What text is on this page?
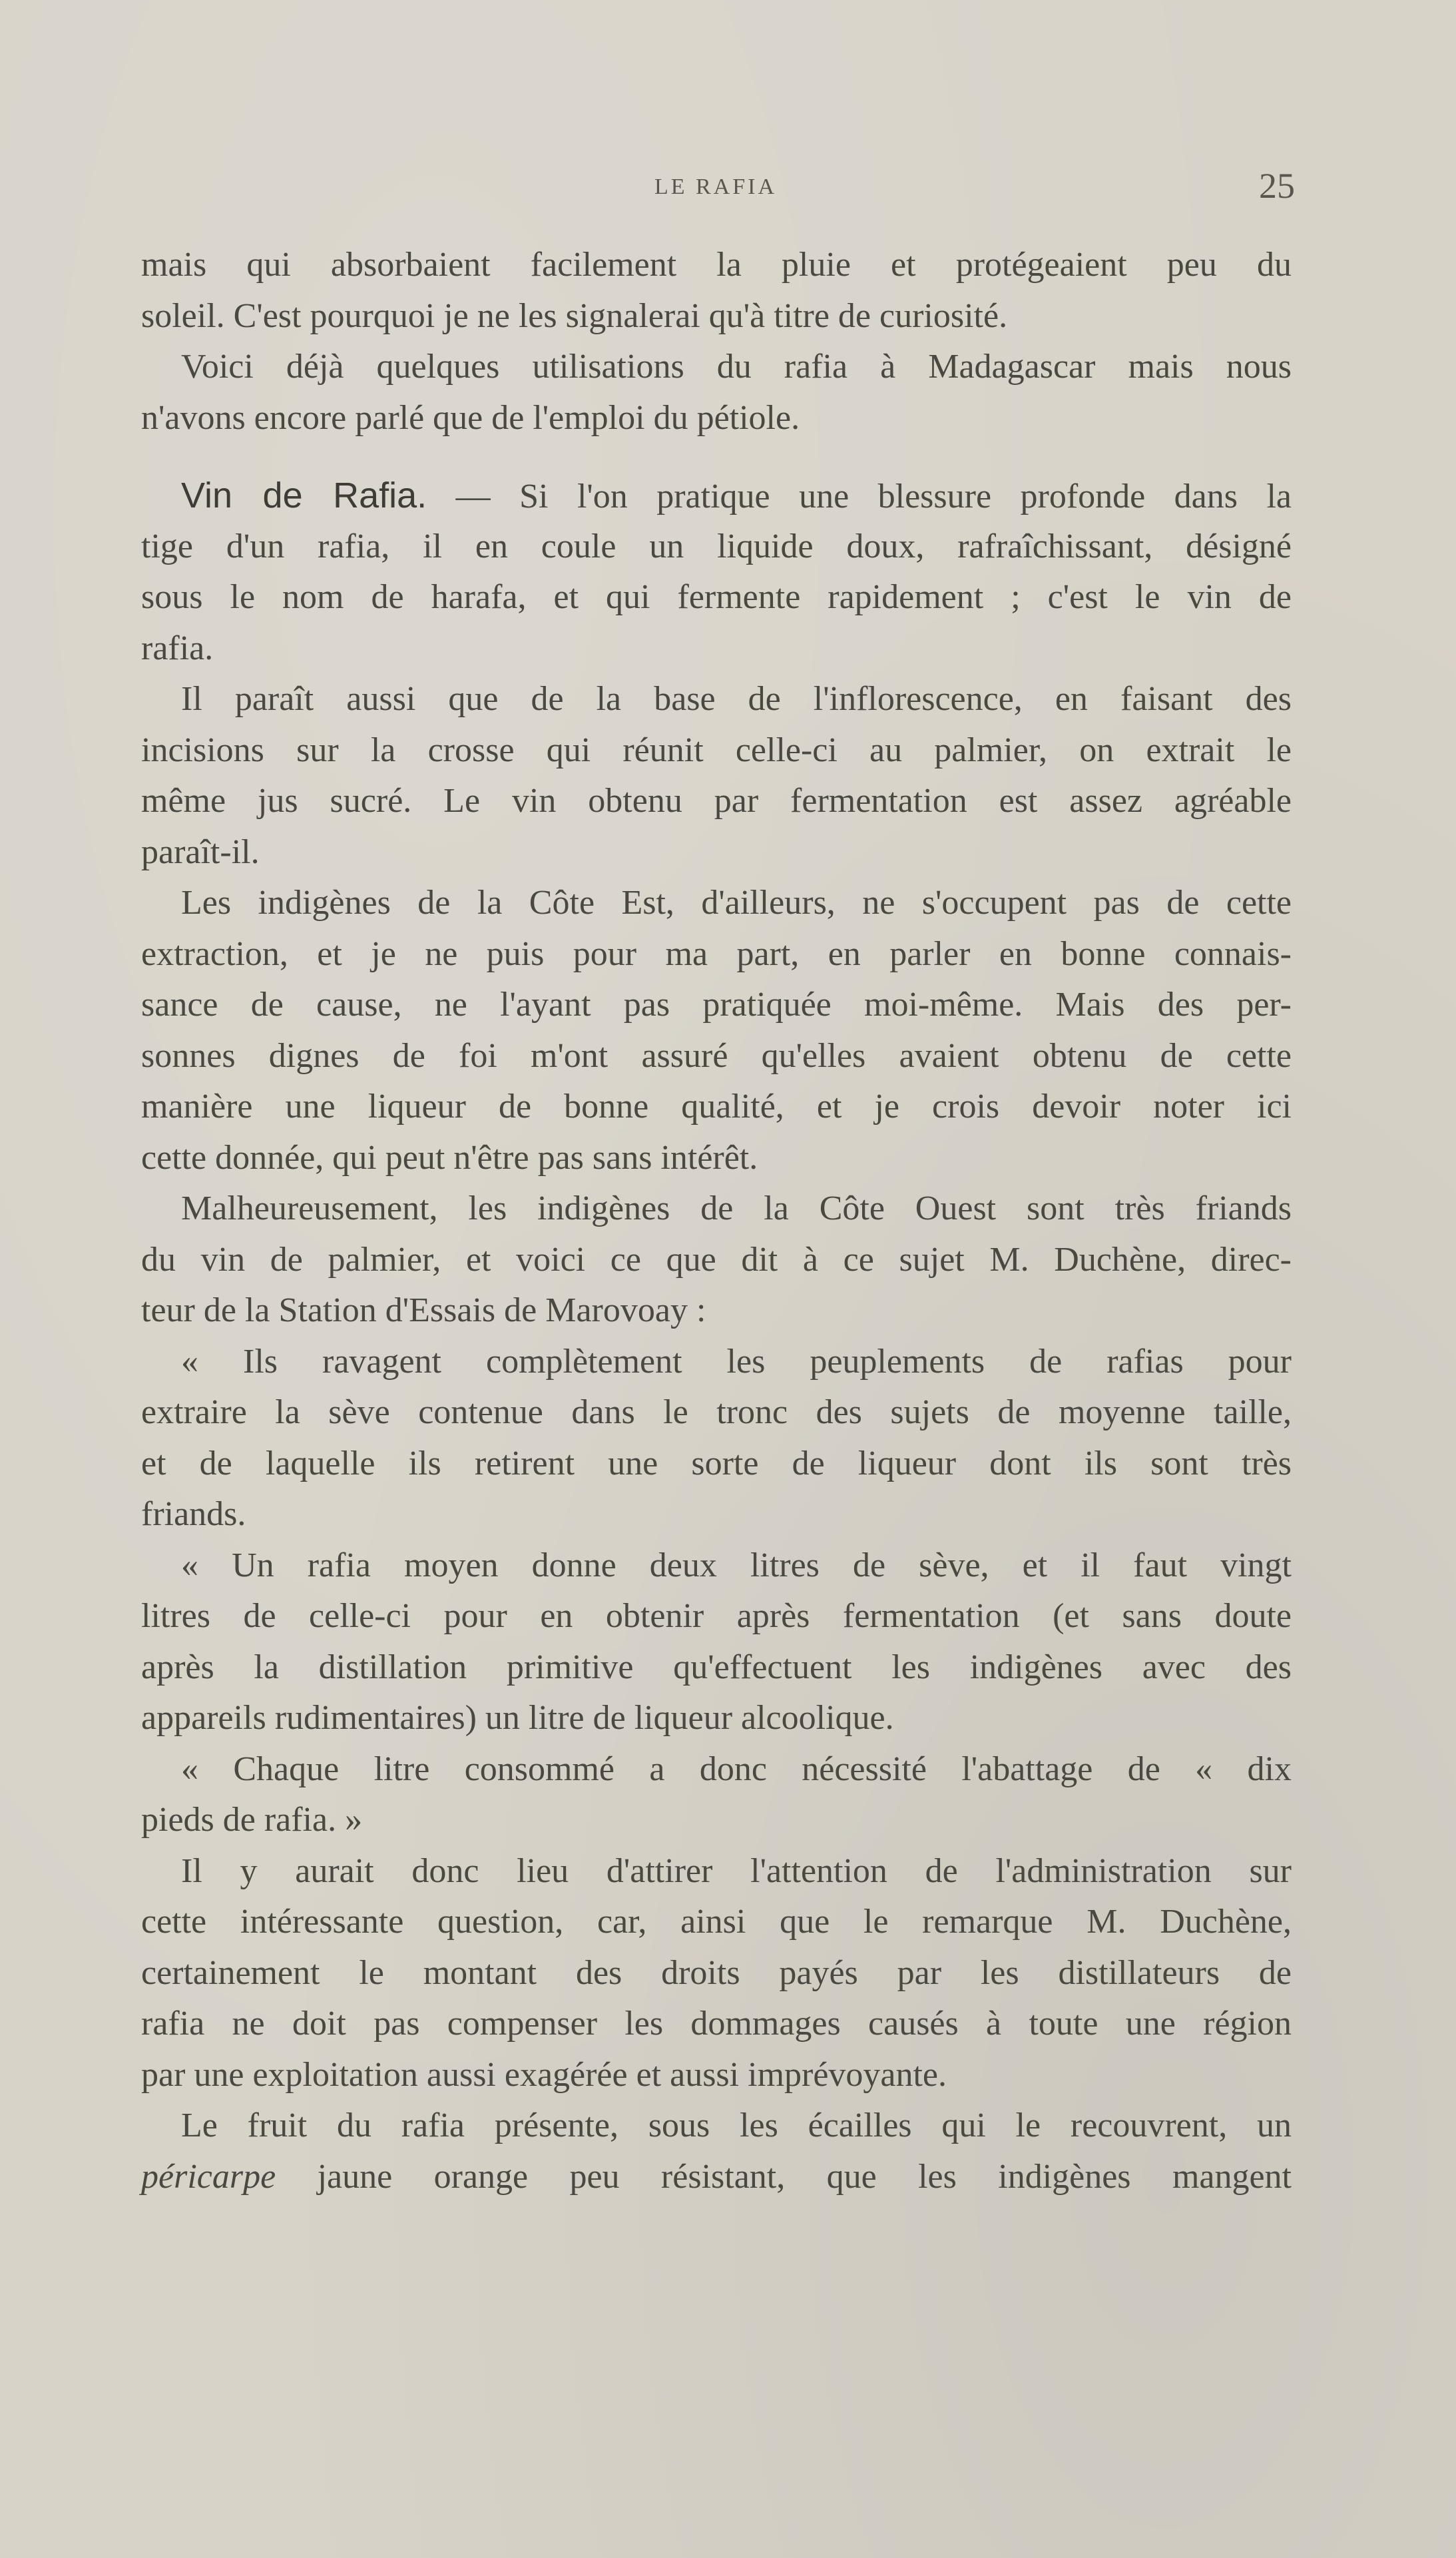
LE RAFIA	25
mais qui absorbaient facilement la pluie et protégeaient peu du
soleil. C'est pourquoi je ne les signalerai qu'à titre de curiosité.
Voici déjà quelques utilisations du rafia à Madagascar mais nous
n'avons encore parlé que de l'emploi du pétiole.
Vin de Rafia. — Si l'on pratique une blessure profonde dans la
tige d'un rafia, il en coule un liquide doux, rafraîchissant, désigné
sous le nom de harafa, et qui fermente rapidement ; c'est le vin de
rafia.
Il paraît aussi que de la base de l'inflorescence, en faisant des
incisions sur la crosse qui réunit celle-ci au palmier, on extrait le
même jus sucré. Le vin obtenu par fermentation est assez agréable
paraît-il.
Les indigènes de la Côte Est, d'ailleurs, ne s'occupent pas de cette
extraction, et je ne puis pour ma part, en parler en bonne connais-
sance de cause, ne l'ayant pas pratiquée moi-même. Mais des per-
sonnes dignes de foi m'ont assuré qu'elles avaient obtenu de cette
manière une liqueur de bonne qualité, et je crois devoir noter ici
cette donnée, qui peut n'être pas sans intérêt.
Malheureusement, les indigènes de la Côte Ouest sont très friands
du vin de palmier, et voici ce que dit à ce sujet M. Duchène, direc-
teur de la Station d'Essais de Marovoay :
« Ils ravagent complètement les peuplements de rafias pour
extraire la sève contenue dans le tronc des sujets de moyenne taille,
et de laquelle ils retirent une sorte de liqueur dont ils sont très
friands.
« Un rafia moyen donne deux litres de sève, et il faut vingt
litres de celle-ci pour en obtenir après fermentation (et sans doute
après la distillation primitive qu'effectuent les indigènes avec des
appareils rudimentaires) un litre de liqueur alcoolique.
« Chaque litre consommé a donc nécessité l'abattage de « dix
pieds de rafia. »
Il y aurait donc lieu d'attirer l'attention de l'administration sur
cette intéressante question, car, ainsi que le remarque M. Duchène,
certainement le montant des droits payés par les distillateurs de
rafia ne doit pas compenser les dommages causés à toute une région
par une exploitation aussi exagérée et aussi imprévoyante.
Le fruit du rafia présente, sous les écailles qui le recouvrent, un
péricarpe jaune orange peu résistant, que les indigènes mangent
